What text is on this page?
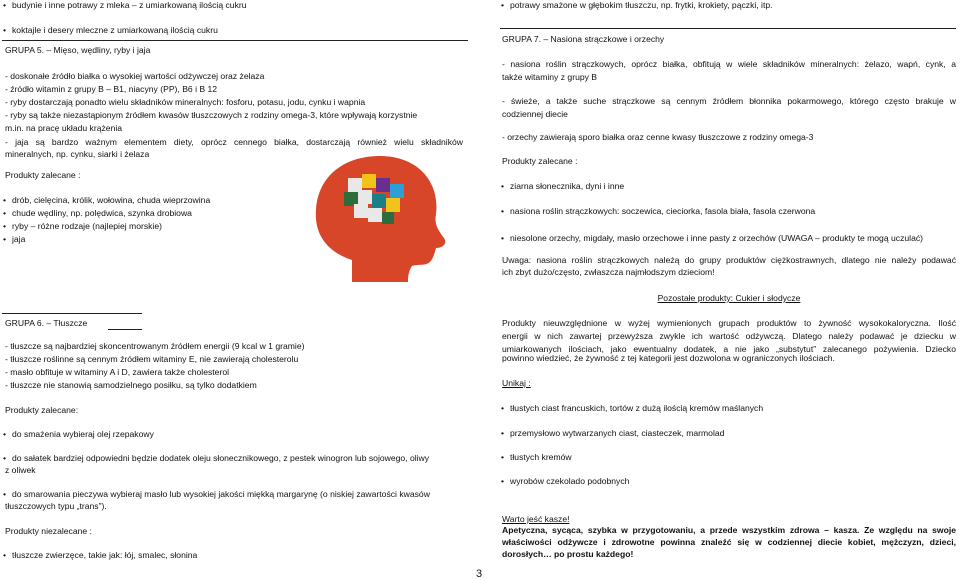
• budynie i inne potrawy z mleka – z umiarkowaną ilością cukru
• koktajle i desery mleczne z umiarkowaną ilością cukru
GRUPA 5. – Mięso, wędliny, ryby i jaja
- doskonałe źródło białka o wysokiej wartości odżywczej oraz żelaza
- źródło witamin z grupy B – B1, niacyny (PP), B6 i B 12
- ryby dostarczają ponadto wielu składników mineralnych: fosforu, potasu, jodu, cynku i wapnia
- ryby są także niezastąpionym źródłem kwasów tłuszczowych z rodziny omega-3, które wpływają korzystnie
m.in. na pracę układu krążenia
- jaja są bardzo ważnym elementem diety, oprócz cennego białka, dostarczają również wielu składników
mineralnych, np. cynku, siarki i żelaza
Produkty zalecane :
• drób, cielęcina, królik, wołowina, chuda wieprzowina
• chude wędliny, np. polędwica, szynka drobiowa
• ryby – różne rodzaje (najlepiej morskie)
• jaja
GRUPA 6. – Tłuszcze
- tłuszcze są najbardziej skoncentrowanym źródłem energii (9 kcal w 1 gramie)
- tłuszcze roślinne są cennym źródłem witaminy E, nie zawierają cholesterolu
- masło obfituje w witaminy A i D, zawiera także cholesterol
- tłuszcze nie stanowią samodzielnego posiłku, są tylko dodatkiem
Produkty zalecane:
• do smażenia wybieraj olej rzepakowy
• do sałatek bardziej odpowiedni będzie dodatek oleju słonecznikowego, z pestek winogron lub sojowego, oliwy
z oliwek
• do smarowania pieczywa wybieraj masło lub wysokiej jakości miękką margarynę (o niskiej zawartości kwasów
tłuszczowych typu „trans”).
Produkty niezalecane :
• tłuszcze zwierzęce, takie jak: łój, smalec, słonina
• potrawy smażone w głębokim tłuszczu, np. frytki, krokiety, pączki, itp.
GRUPA 7. – Nasiona strączkowe i orzechy
- nasiona roślin strączkowych, oprócz białka, obfitują w wiele składników mineralnych: żelazo, wapń, cynk, a
także witaminy z grupy B
- świeże, a także suche strączkowe są cennym źródłem błonnika pokarmowego, którego często brakuje w
codziennej diecie
- orzechy zawierają sporo białka oraz cenne kwasy tłuszczowe z rodziny omega-3
Produkty zalecane :
• ziarna słonecznika, dyni i inne
• nasiona roślin strączkowych: soczewica, cieciorka, fasola biała, fasola czerwona
• niesolone orzechy, migdały, masło orzechowe i inne pasty z orzechów (UWAGA – produkty te mogą uczulać)
Uwaga: nasiona roślin strączkowych należą do grupy produktów ciężkostrawnych, dlatego nie należy podawać
ich zbyt dużo/często, zwłaszcza najmłodszym dzieciom!
Pozostałe produkty: Cukier i słodycze
Produkty nieuwzględnione w wyżej wymienionych grupach produktów to żywność wysokokaloryczna. Ilość
energii w nich zawartej przewyższa zwykle ich wartość odżywczą. Dlatego należy podawać je dziecku w
umiarkowanych ilościach, jako ewentualny dodatek, a nie jako „substytut” zalecanego pożywienia. Dziecko
powinno wiedzieć, że żywność z tej kategorii jest dozwolona w ograniczonych ilościach.
Unikaj :
• tłustych ciast francuskich, tortów z dużą ilością kremów maślanych
• przemysłowo wytwarzanych ciast, ciasteczek, marmolad
• tłustych kremów
• wyrobów czekolado podobnych
Warto jeść kasze!
Apetyczna, sycąca, szybka w przygotowaniu, a przede wszystkim zdrowa – kasza. Ze względu na swoje
właściwości odżywcze i zdrowotne powinna znaleźć się w codziennej diecie kobiet, mężczyzn, dzieci,
dorosłych… po prostu każdego!
3
